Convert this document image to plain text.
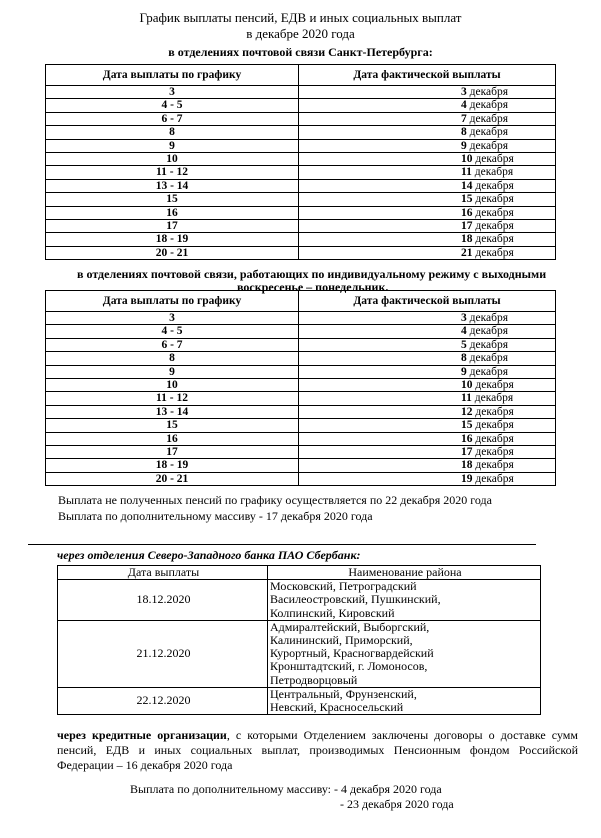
График выплаты пенсий, ЕДВ и иных социальных выплат
в декабре 2020 года
в отделениях почтовой связи Санкт-Петербурга:
Дата выплаты по графику	Дата фактической выплаты
3	3 декабря
4 - 5	4 декабря
6 - 7	7 декабря
8	8 декабря
9	9 декабря
10	10 декабря
11 - 12	11 декабря
13 - 14	14 декабря
15	15 декабря
16	16 декабря
17	17 декабря
18 - 19	18 декабря
20 - 21	21 декабря
в отделениях почтовой связи, работающих по индивидуальному режиму с выходными
воскресенье – понедельник.
Дата выплаты по графику	Дата фактической выплаты
3	3 декабря
4 - 5	4 декабря
6 - 7	5 декабря
8	8 декабря
9	9 декабря
10	10 декабря
11 - 12	11 декабря
13 - 14	12 декабря
15	15 декабря
16	16 декабря
17	17 декабря
18 - 19	18 декабря
20 - 21	19 декабря
Выплата не полученных пенсий по графику осуществляется по 22 декабря 2020 года
Выплата по дополнительному массиву - 17 декабря 2020 года
через отделения Северо-Западного банка ПАО Сбербанк:
Дата выплаты	Наименование района
18.12.2020	Московский, Петроградский
Василеостровский, Пушкинский,
Колпинский, Кировский

21.12.2020	Адмиралтейский, Выборгский,
Калининский, Приморский,
Курортный, Красногвардейский
Кронштадтский, г. Ломоносов,
Петродворцовый

22.12.2020	Центральный, Фрунзенский,
Невский, Красносельский
через кредитные организации, с которыми Отделением заключены договоры о доставке сумм пенсий, ЕДВ и иных социальных выплат, производимых Пенсионным фондом Российской Федерации – 16 декабря 2020 года
Выплата по дополнительному массиву: - 4 декабря 2020 года
- 23 декабря 2020 года
